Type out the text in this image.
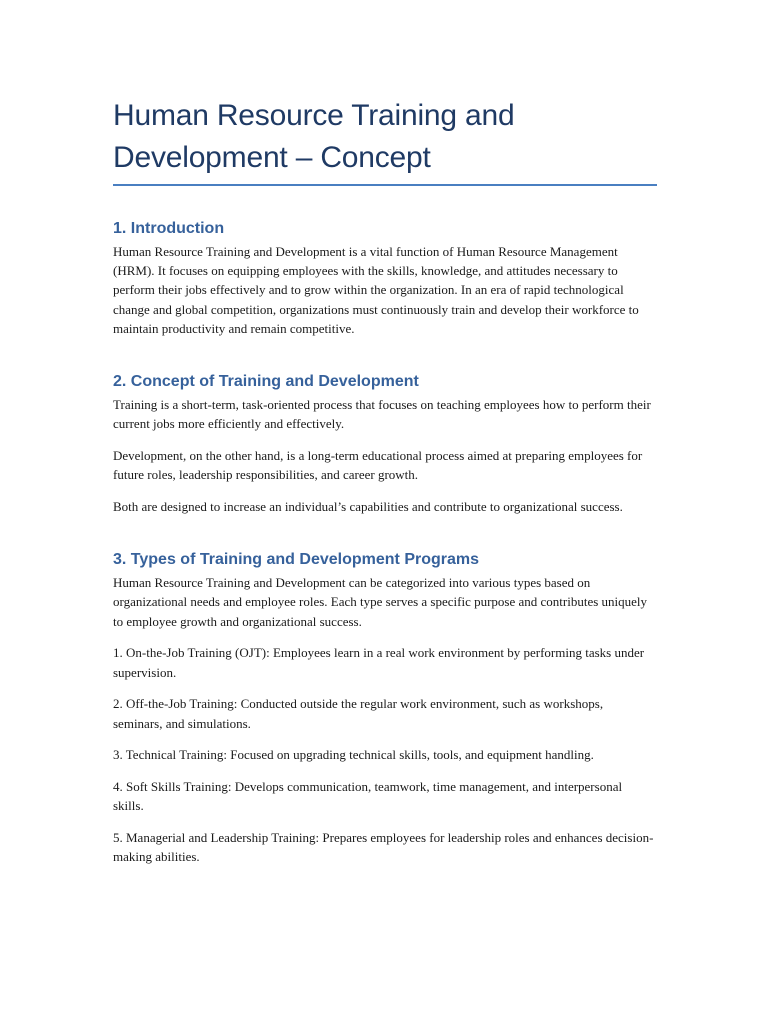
Human Resource Training and Development – Concept
1. Introduction

Human Resource Training and Development is a vital function of Human Resource Management (HRM). It focuses on equipping employees with the skills, knowledge, and attitudes necessary to perform their jobs effectively and to grow within the organization. In an era of rapid technological change and global competition, organizations must continuously train and develop their workforce to maintain productivity and remain competitive.

2. Concept of Training and Development

Training is a short-term, task-oriented process that focuses on teaching employees how to perform their current jobs more efficiently and effectively.

Development, on the other hand, is a long-term educational process aimed at preparing employees for future roles, leadership responsibilities, and career growth.

Both are designed to increase an individual’s capabilities and contribute to organizational success.

3. Types of Training and Development Programs

Human Resource Training and Development can be categorized into various types based on organizational needs and employee roles. Each type serves a specific purpose and contributes uniquely to employee growth and organizational success.

1. On-the-Job Training (OJT): Employees learn in a real work environment by performing tasks under supervision.

2. Off-the-Job Training: Conducted outside the regular work environment, such as workshops, seminars, and simulations.

3. Technical Training: Focused on upgrading technical skills, tools, and equipment handling.

4. Soft Skills Training: Develops communication, teamwork, time management, and interpersonal skills.

5. Managerial and Leadership Training: Prepares employees for leadership roles and enhances decision-making abilities.
